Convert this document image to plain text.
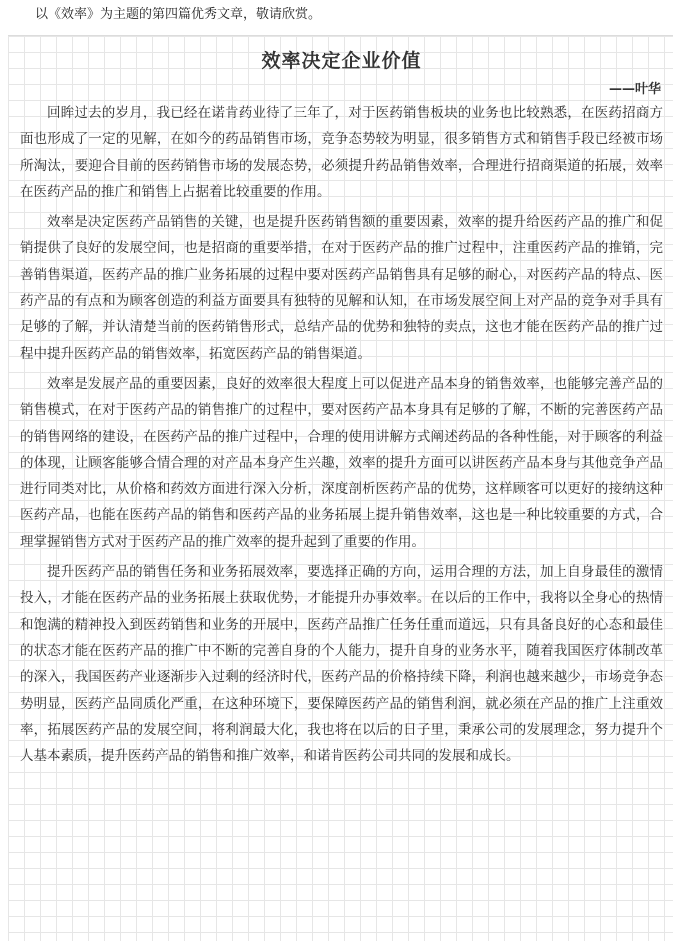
以《效率》为主题的第四篇优秀文章，敬请欣赏。
效率决定企业价值
——叶华

回眸过去的岁月，我已经在诺肯药业待了三年了，对于医药销售板块的业务也比较熟悉，在医药招商方面也形成了一定的见解，在如今的药品销售市场，竞争态势较为明显，很多销售方式和销售手段已经被市场所淘汰，要迎合目前的医药销售市场的发展态势，必须提升药品销售效率，合理进行招商渠道的拓展，效率在医药产品的推广和销售上占据着比较重要的作用。

效率是决定医药产品销售的关键，也是提升医药销售额的重要因素，效率的提升给医药产品的推广和促销提供了良好的发展空间，也是招商的重要举措，在对于医药产品的推广过程中，注重医药产品的推销，完善销售渠道，医药产品的推广业务拓展的过程中要对医药产品销售具有足够的耐心，对医药产品的特点、医药产品的有点和为顾客创造的利益方面要具有独特的见解和认知，在市场发展空间上对产品的竞争对手具有足够的了解，并认清楚当前的医药销售形式，总结产品的优势和独特的卖点，这也才能在医药产品的推广过程中提升医药产品的销售效率，拓宽医药产品的销售渠道。

效率是发展产品的重要因素，良好的效率很大程度上可以促进产品本身的销售效率，也能够完善产品的销售模式，在对于医药产品的销售推广的过程中，要对医药产品本身具有足够的了解，不断的完善医药产品的销售网络的建设，在医药产品的推广过程中，合理的使用讲解方式阐述药品的各种性能，对于顾客的利益的体现，让顾客能够合情合理的对产品本身产生兴趣，效率的提升方面可以讲医药产品本身与其他竞争产品进行同类对比，从价格和药效方面进行深入分析，深度剖析医药产品的优势，这样顾客可以更好的接纳这种医药产品，也能在医药产品的销售和医药产品的业务拓展上提升销售效率，这也是一种比较重要的方式，合理掌握销售方式对于医药产品的推广效率的提升起到了重要的作用。

提升医药产品的销售任务和业务拓展效率，要选择正确的方向，运用合理的方法，加上自身最佳的激情投入，才能在医药产品的业务拓展上获取优势，才能提升办事效率。在以后的工作中，我将以全身心的热情和饱满的精神投入到医药销售和业务的开展中，医药产品推广任务任重而道远，只有具备良好的心态和最佳的状态才能在医药产品的推广中不断的完善自身的个人能力，提升自身的业务水平，随着我国医疗体制改革的深入，我国医药产业逐渐步入过剩的经济时代，医药产品的价格持续下降，利润也越来越少，市场竞争态势明显，医药产品同质化严重，在这种环境下，要保障医药产品的销售利润，就必须在产品的推广上注重效率，拓展医药产品的发展空间，将利润最大化，我也将在以后的日子里，秉承公司的发展理念，努力提升个人基本素质，提升医药产品的销售和推广效率，和诺肯医药公司共同的发展和成长。
